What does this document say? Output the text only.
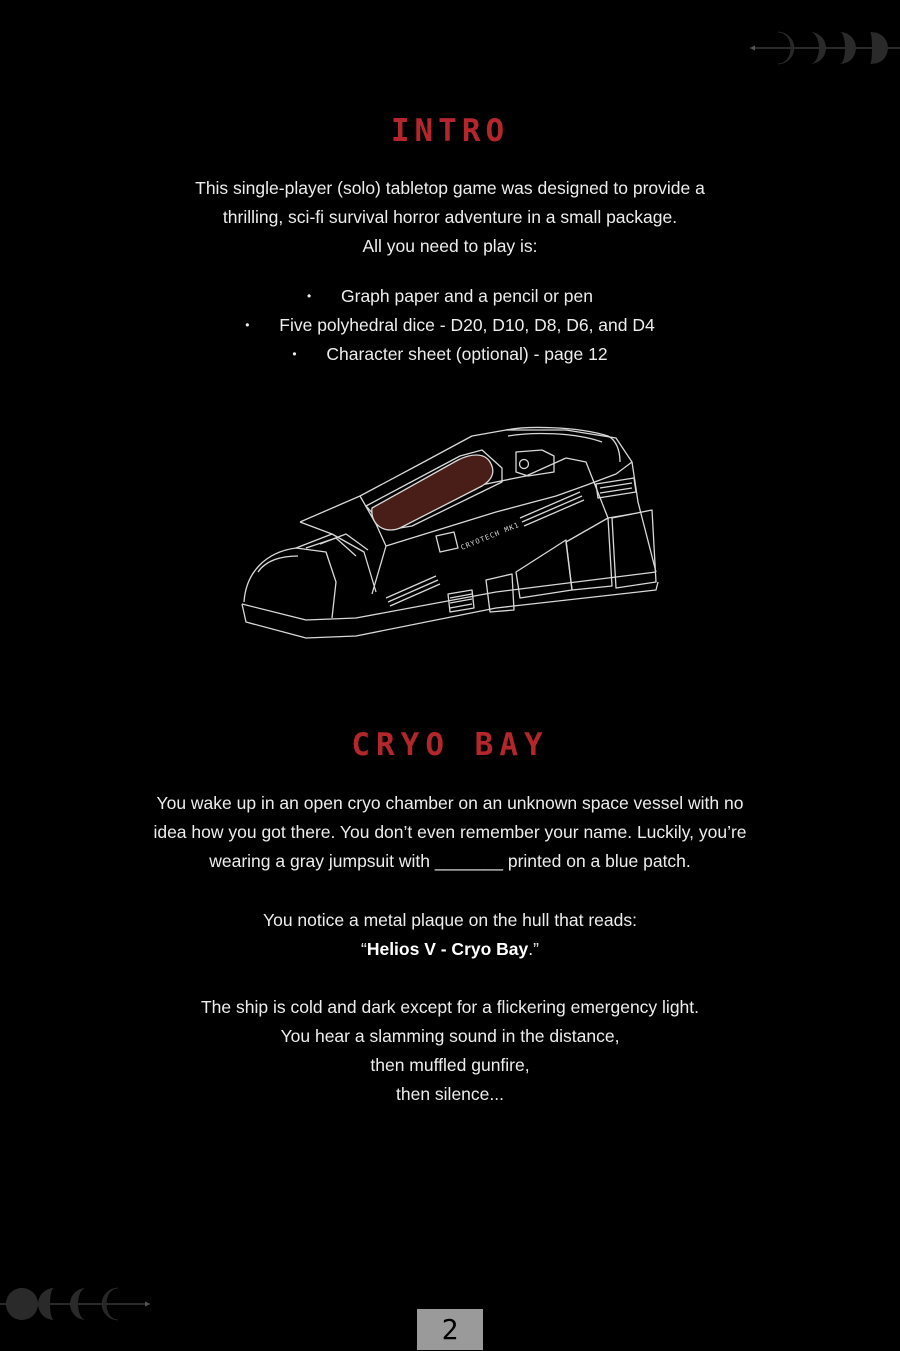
INTRO

This single-player (solo) tabletop game was designed to provide a
thrilling, sci-fi survival horror adventure in a small package.
All you need to play is:

• Graph paper and a pencil or pen
• Five polyhedral dice - D20, D10, D8, D6, and D4
• Character sheet (optional) - page 12
CRYOTECH MK1
CRYO BAY

You wake up in an open cryo chamber on an unknown space vessel with no
idea how you got there. You don’t even remember your name. Luckily, you’re
wearing a gray jumpsuit with _______ printed on a blue patch.

You notice a metal plaque on the hull that reads:
“Helios V - Cryo Bay.”

The ship is cold and dark except for a flickering emergency light.
You hear a slamming sound in the distance,
then muffled gunfire,
then silence...

2
